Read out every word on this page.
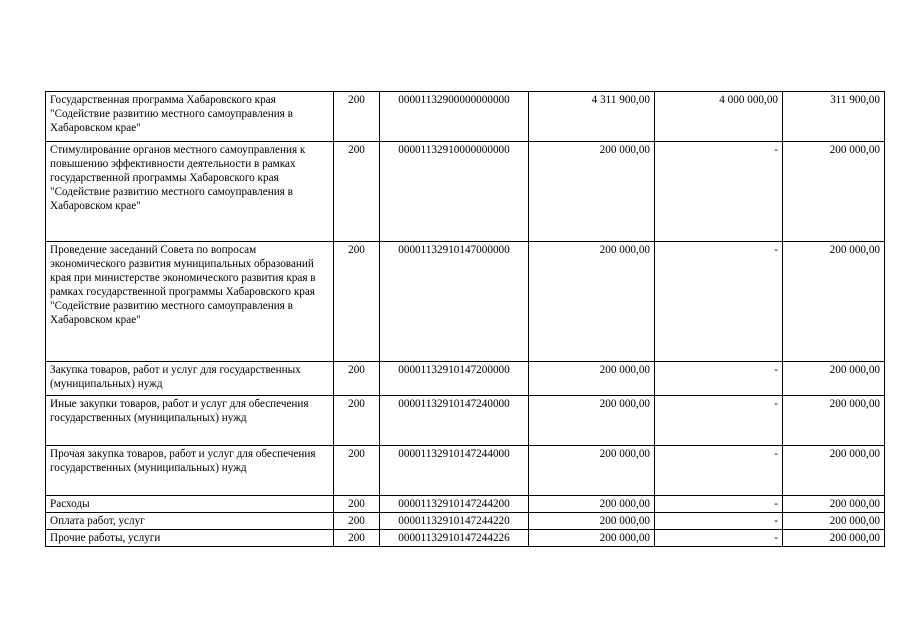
Государственная программа Хабаровского края "Содействие развитию местного самоуправления в Хабаровском крае"	200	00001132900000000000	4 311 900,00	4 000 000,00	311 900,00
Стимулирование органов местного самоуправления к повышению эффективности деятельности в рамках государственной программы Хабаровского края "Содействие развитию местного самоуправления в Хабаровском крае"	200	00001132910000000000	200 000,00	-	200 000,00
Проведение заседаний Совета по вопросам экономического развития муниципальных образований края при министерстве экономического развития края в рамках государственной программы Хабаровского края "Содействие развитию местного самоуправления в Хабаровском крае"	200	00001132910147000000	200 000,00	-	200 000,00
Закупка товаров, работ и услуг для государственных (муниципальных) нужд	200	00001132910147200000	200 000,00	-	200 000,00
Иные закупки товаров, работ и услуг для обеспечения государственных (муниципальных) нужд	200	00001132910147240000	200 000,00	-	200 000,00
Прочая закупка товаров, работ и услуг для обеспечения государственных (муниципальных) нужд	200	00001132910147244000	200 000,00	-	200 000,00
Расходы	200	00001132910147244200	200 000,00	-	200 000,00
Оплата работ, услуг	200	00001132910147244220	200 000,00	-	200 000,00
Прочие работы, услуги	200	00001132910147244226	200 000,00	-	200 000,00
